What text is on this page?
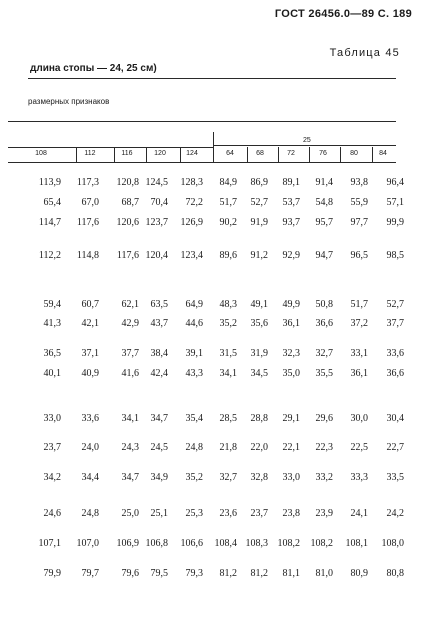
ГОСТ 26456.0—89 С. 189
Таблица 45
длина стопы — 24, 25 см)
размерных признаков
25
108	112	116	120	124	64	68	72	76	80	84
113,9	117,3	120,8 124,5	128,3	84,9	86,9	89,1	91,4	93,8	96,4
65,4	67,0	68,7	70,4	72,2	51,7	52,7	53,7	54,8	55,9	57,1
114,7	117,6	120,6 123,7	126,9	90,2	91,9	93,7	95,7	97,7	99,9
112,2	114,8	117,6 120,4	123,4	89,6	91,2	92,9	94,7	96,5	98,5
59,4	60,7	62,1	63,5	64,9	48,3	49,1	49,9	50,8	51,7	52,7
41,3	42,1	42,9	43,7	44,6	35,2	35,6	36,1	36,6	37,2	37,7
36,5	37,1	37,7	38,4	39,1	31,5	31,9	32,3	32,7	33,1	33,6
40,1	40,9	41,6	42,4	43,3	34,1	34,5	35,0	35,5	36,1	36,6
33,0	33,6	34,1	34,7	35,4	28,5	28,8	29,1	29,6	30,0	30,4
23,7	24,0	24,3	24,5	24,8	21,8	22,0	22,1	22,3	22,5	22,7
34,2	34,4	34,7	34,9	35,2	32,7	32,8	33,0	33,2	33,3	33,5
24,6	24,8	25,0	25,1	25,3	23,6	23,7	23,8	23,9	24,1	24,2
107,1	107,0	106,9 106,8	106,6	108,4 108,3 108,2	108,2	108,1	108,0
79,9	79,7	79,6	79,5	79,3	81,2	81,2	81,1	81,0	80,9	80,8
